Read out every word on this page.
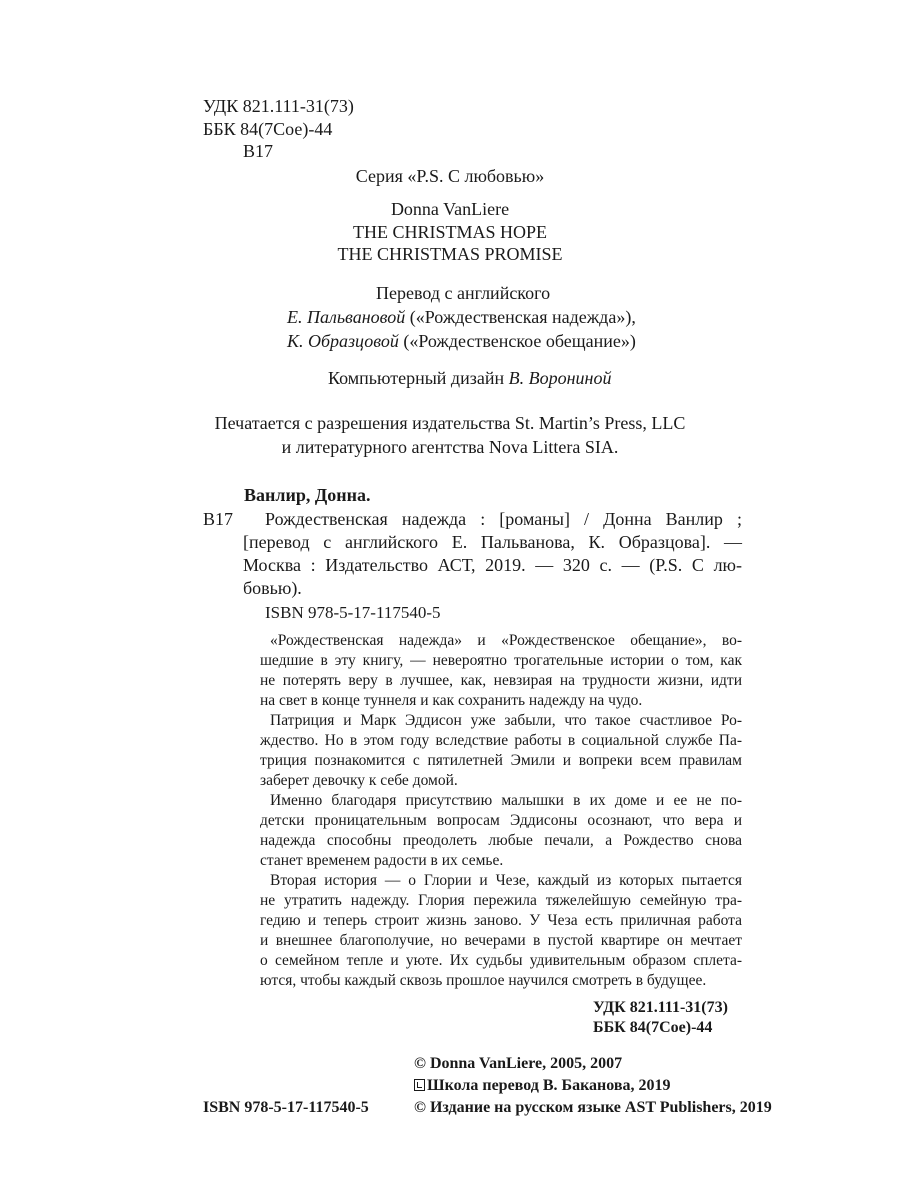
УДК 821.111-31(73)
ББК 84(7Сое)-44
В17
Серия «P.S. С любовью»
Donna VanLiere
THE CHRISTMAS HOPE
THE CHRISTMAS PROMISE
Перевод с английского
Е. Пальвановой («Рождественская надежда»),
К. Образцовой («Рождественское обещание»)
Компьютерный дизайн В. Ворониной
Печатается с разрешения издательства St. Martin’s Press, LLC
и литературного агентства Nova Littera SIA.
Ванлир, Донна.
В17 Рождественская надежда : [романы] / Донна Ванлир ;
[перевод с английского Е. Пальванова, К. Образцова]. —
Москва : Издательство АСТ, 2019. — 320 с. — (P.S. С лю-
бовью).
ISBN 978-5-17-117540-5
«Рождественская надежда» и «Рождественское обещание», во-
шедшие в эту книгу, — невероятно трогательные истории о том, как
не потерять веру в лучшее, как, невзирая на трудности жизни, идти
на свет в конце туннеля и как сохранить надежду на чудо.
Патриция и Марк Эддисон уже забыли, что такое счастливое Ро-
ждество. Но в этом году вследствие работы в социальной службе Па-
триция познакомится с пятилетней Эмили и вопреки всем правилам
заберет девочку к себе домой.
Именно благодаря присутствию малышки в их доме и ее не по-
детски проницательным вопросам Эддисоны осознают, что вера и
надежда способны преодолеть любые печали, а Рождество снова
станет временем радости в их семье.
Вторая история — о Глории и Чезе, каждый из которых пытается
не утратить надежду. Глория пережила тяжелейшую семейную тра-
гедию и теперь строит жизнь заново. У Чеза есть приличная работа
и внешнее благополучие, но вечерами в пустой квартире он мечтает
о семейном тепле и уюте. Их судьбы удивительным образом сплета-
ются, чтобы каждый сквозь прошлое научился смотреть в будущее.
УДК 821.111-31(73)
ББК 84(7Сое)-44
© Donna VanLiere, 2005, 2007
Школа перевод В. Баканова, 2019
© Издание на русском языке AST Publishers, 2019
ISBN 978-5-17-117540-5
